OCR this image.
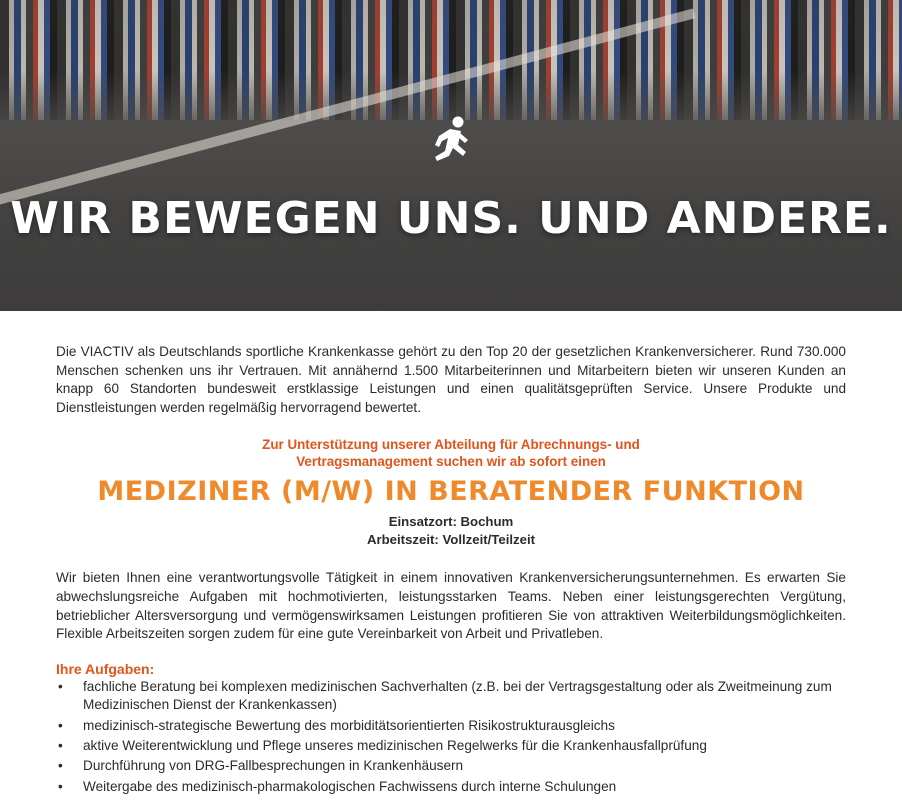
WIR BEWEGEN UNS. UND ANDERE.

Die VIACTIV als Deutschlands sportliche Krankenkasse gehört zu den Top 20 der gesetzlichen Krankenversicherer. Rund 730.000 Menschen schenken uns ihr Vertrauen. Mit annähernd 1.500 Mitarbeiterinnen und Mitarbeitern bieten wir unseren Kunden an knapp 60 Standorten bundesweit erstklassige Leistungen und einen qualitätsgeprüften Service. Unsere Produkte und Dienstleistungen werden regelmäßig hervorragend bewertet.

Zur Unterstützung unserer Abteilung für Abrechnungs- und
Vertragsmanagement suchen wir ab sofort einen
MEDIZINER (M/W) IN BERATENDER FUNKTION
Einsatzort: Bochum
Arbeitszeit: Vollzeit/Teilzeit

Wir bieten Ihnen eine verantwortungsvolle Tätigkeit in einem innovativen Krankenversicherungsunternehmen. Es erwarten Sie abwechslungsreiche Aufgaben mit hochmotivierten, leistungsstarken Teams. Neben einer leistungsgerechten Vergütung, betrieblicher Altersversorgung und vermögenswirksamen Leistungen profitieren Sie von attraktiven Weiterbildungsmöglichkeiten. Flexible Arbeitszeiten sorgen zudem für eine gute Vereinbarkeit von Arbeit und Privatleben.

Ihre Aufgaben:
• fachliche Beratung bei komplexen medizinischen Sachverhalten (z.B. bei der Vertragsgestaltung oder als Zweitmeinung zum Medizinischen Dienst der Krankenkassen)
• medizinisch-strategische Bewertung des morbiditätsorientierten Risikostrukturausgleichs
• aktive Weiterentwicklung und Pflege unseres medizinischen Regelwerks für die Krankenhausfallprüfung
• Durchführung von DRG-Fallbesprechungen in Krankenhäusern
• Weitergabe des medizinisch-pharmakologischen Fachwissens durch interne Schulungen
